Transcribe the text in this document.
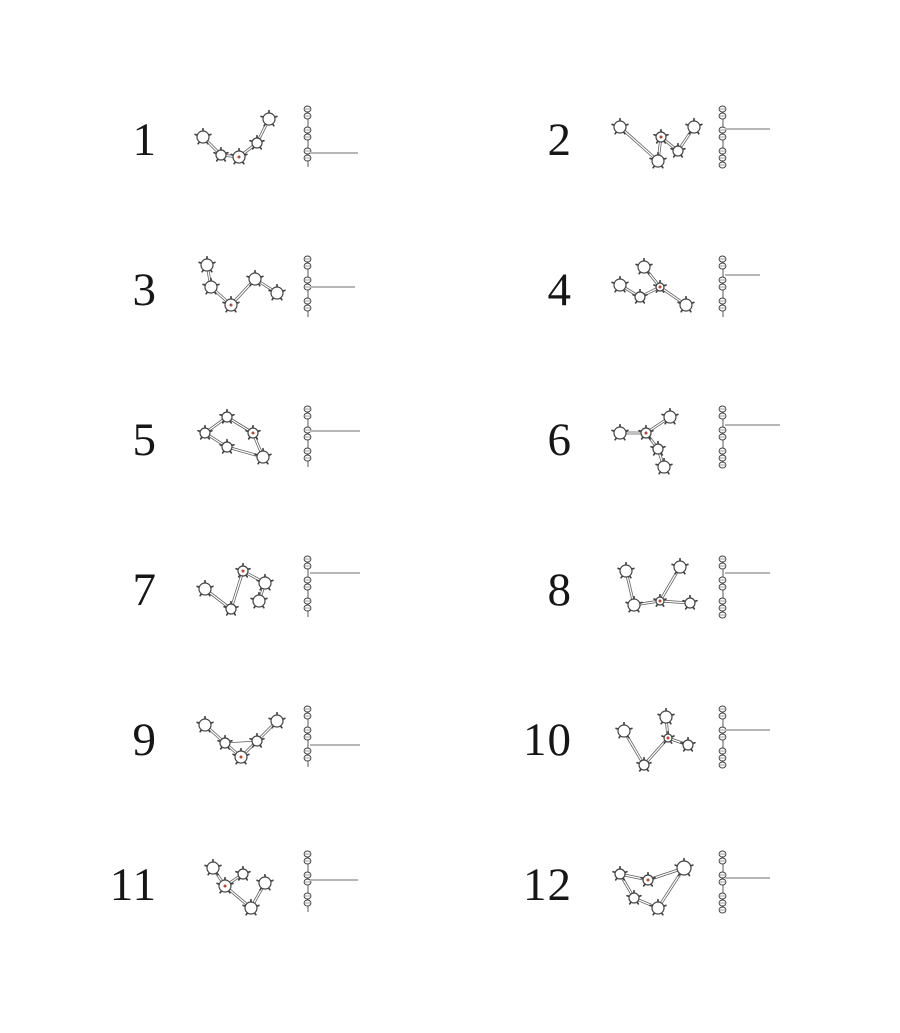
1	2
3	4
5	6
7	8
9	10
11	12
